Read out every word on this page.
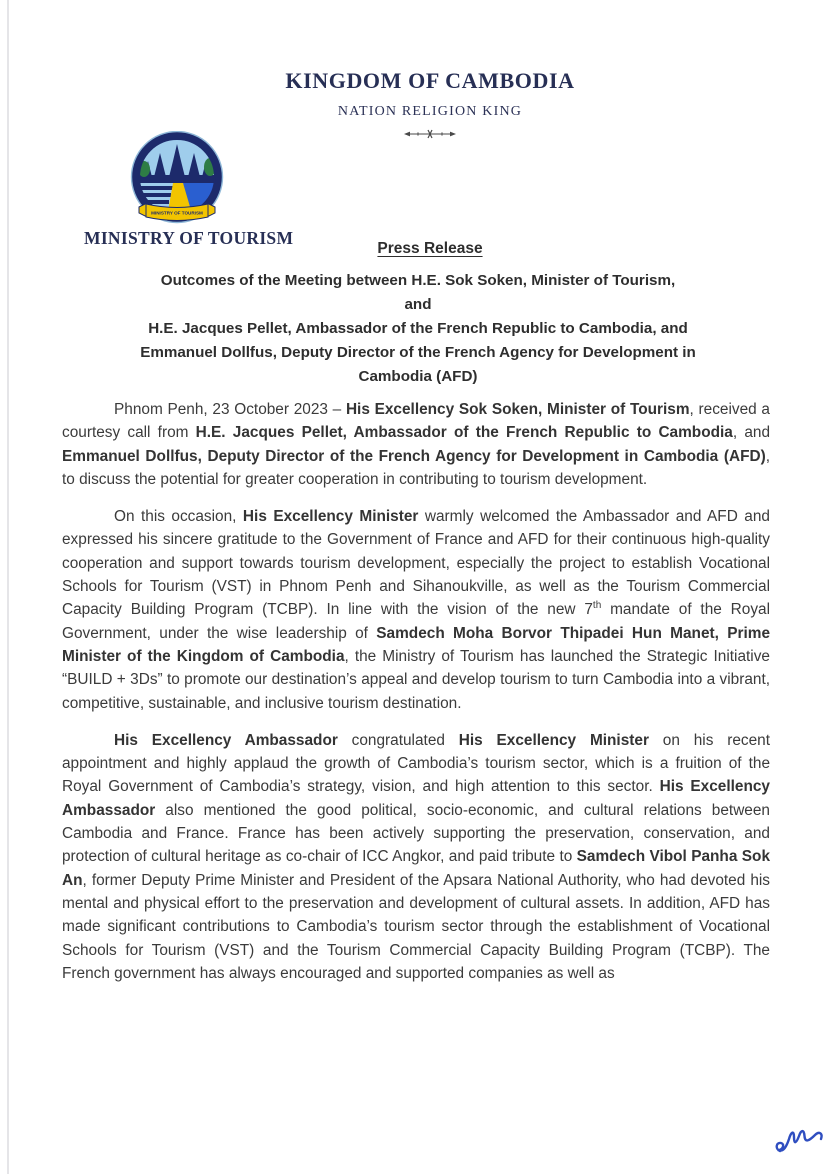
KINGDOM OF CAMBODIA
NATION RELIGION KING
MINISTRY OF TOURISM
MINISTRY OF TOURISM
Press Release
Outcomes of the Meeting between H.E. Sok Soken, Minister of Tourism,
and
H.E. Jacques Pellet, Ambassador of the French Republic to Cambodia, and
Emmanuel Dollfus, Deputy Director of the French Agency for Development in
Cambodia (AFD)

Phnom Penh, 23 October 2023 – His Excellency Sok Soken, Minister of Tourism, received a courtesy call from H.E. Jacques Pellet, Ambassador of the French Republic to Cambodia, and Emmanuel Dollfus, Deputy Director of the French Agency for Development in Cambodia (AFD), to discuss the potential for greater cooperation in contributing to tourism development.

On this occasion, His Excellency Minister warmly welcomed the Ambassador and AFD and expressed his sincere gratitude to the Government of France and AFD for their continuous high-quality cooperation and support towards tourism development, especially the project to establish Vocational Schools for Tourism (VST) in Phnom Penh and Sihanoukville, as well as the Tourism Commercial Capacity Building Program (TCBP). In line with the vision of the new 7th mandate of the Royal Government, under the wise leadership of Samdech Moha Borvor Thipadei Hun Manet, Prime Minister of the Kingdom of Cambodia, the Ministry of Tourism has launched the Strategic Initiative “BUILD + 3Ds” to promote our destination’s appeal and develop tourism to turn Cambodia into a vibrant, competitive, sustainable, and inclusive tourism destination.

His Excellency Ambassador congratulated His Excellency Minister on his recent appointment and highly applaud the growth of Cambodia’s tourism sector, which is a fruition of the Royal Government of Cambodia’s strategy, vision, and high attention to this sector. His Excellency Ambassador also mentioned the good political, socio-economic, and cultural relations between Cambodia and France. France has been actively supporting the preservation, conservation, and protection of cultural heritage as co-chair of ICC Angkor, and paid tribute to Samdech Vibol Panha Sok An, former Deputy Prime Minister and President of the Apsara National Authority, who had devoted his mental and physical effort to the preservation and development of cultural assets. In addition, AFD has made significant contributions to Cambodia’s tourism sector through the establishment of Vocational Schools for Tourism (VST) and the Tourism Commercial Capacity Building Program (TCBP). The French government has always encouraged and supported companies as well as
